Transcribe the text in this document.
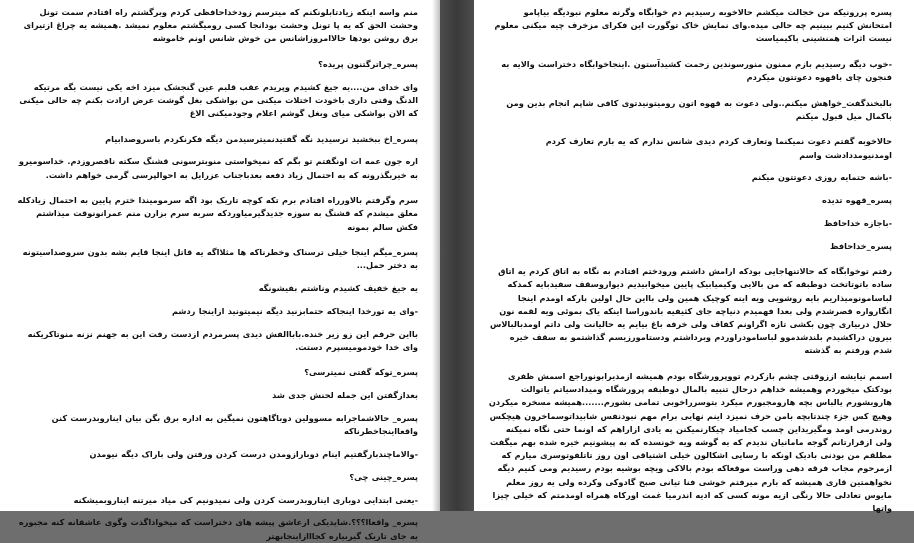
منم واسه اینکه زیادتابلونکنم که میترسم زودخداحافظی کردم وبرگشتم راه افتادم سمت تونل وحشت الحق که یه پا تونل وحشت بودانجا کسی رومیگشتم معلوم نمیشد .همیشه یه چراغ ازتیرای برق روشن بودها حالاامروزاشانس من خوش شانس اونم خاموشه

پسره_چراترگتنون پریده؟

وای خدای من....یه جیغ کشیدم وپریدم عقب قلبم عین گنجشک میزد اخه یکی نیست بگه مرتیکه الدنگ وقتی داری باخودت اختلات میکنی من بواشکی بغل گوشت عرض ارادت بکنم چه حالی میکنی که الان بواشکی میای وبغل گوشم اعلام وجودمیکنی الاغ

پسره_اخ ببخشید ترسیدید نگه گفتیدنمیترسیدمن دیگه فکرنکردم باسروصدابیام

اره جون عمه ات اونگفتم تو بگم که نمیخواستی منوبترسونی قشنگ سکته ناقصروزدم. خداسومیرو به خیربگذرونه که به احتمال زیاد دفعه بعدباجناب عزرایل به احوالپرسی گرمی خواهم داشت.

سرم وگرفتم بالاورراه افتادم برم تکه کوچه تاریک بود اگه سرمومیندا خترم پایین به احتمال زیادکله معلق میشدم که قشنگ به سوزه جدیدگیرمیاوردکه سربه سرم بزارن منم عمرانونوقت میذاشتم فکش سالم بمونه

پسره_میگم اینجا خیلی ترسناک وخطرناکه ها مثلااگه یه قاتل اینجا قایم بشه بدون سروصداسیتونه به دختر حمل...

یه جیغ خفیف کشیدم وناشتم بفیشونگه

-وای یه تورخدا اینجاکه حتمابزنید دیگه نیمیتونید ازاینجا ردشم

بااین حرفم این زو زیر خنده.باباالفش دیدی پسرمردم ازدست رفت این به جهنم نزنه منوتاکریکنه وای خدا خودمومیسپرم دستت.

پسره_توکه گفتی نمیترسی؟

بعدازگفتن این جمله لحنش جدی شد

پسره_ حالاشماجرابه مسوولین دوباگاهتون نمیگین به اداره برق بگن بیان ایناروبدرست کنن واقعااینجاخطرناکه

-والاماچندبارگفتیم اینام دوبارازومدن درست کردن ورفتن ولی باراک دیگه نیومدن

پسره_چینی چی؟

-یعنی ابتدایی دوباری ایناروبدرست کردن ولی نمیدونیم کی میاد میرتنه ایناروبمیشکنه

پسره_ واقعاا؟؟؟.شایدیکی ازعاشق پیشه های دختراست که میخواداگذت وگوی عاشقانه کنه مجبوره یه جای تاریک گیربیاره کجااازاینجابهتر

پسره پررونیکه من خجالت میکشم حالاخوبه رسیدیم دم خوابگاه وگرنه معلوم نبودیگه بیاپامو امتحانش کنیم ببینیم چه حالی میده.وای نمایش خاک توگورت این فکرای مزخرف چیه میکنی معلوم نیست اثرات همنشینی باکیمیاست

-خوب دیگه رسیدیم بازم ممنون منورسوندین زحمت کشیدآستون .اینجاخوابگاه دختراست والایه به فنجون چای باقهوه دعوتتون میکردم

بالبخندگفت_خواهش میکنم..ولی دعوت به قهوه اتون رومیتونیدتوی کافی شاپم انجام بدین ومن باکمال میل قبول میکنم

حالاخوبه گفتم دعوت نمیکنما وتعارف کردم دیدی شانس ندارم که یه بارم تعارف کردم اومدنیومددادشت واسم

-باشه حتمایه روزی دعوتتون میکنم

پسره_قهوه تدیده

-باجازه خداحافظ

پسره_خداحافظ

رفتم توخوابگاه که حالاتنهاجایی بودکه ارامش داشتم ورودختم افتادم به نگاه به اتاق کردم یه اتاق ساده باتوتاتخت دوطبقه که من بالایی وکیمیابیک پایین میخوابیدیم دیواروسقف سفیدبایه کمدکه لباسامونومیذاریم بایه روشویی ویه اینه کوچیک همین ولی بااین حال اولین بارکه اومدم اینجا انگارواره قصرشدم ولی بعدا فهمیدم دنیاچه جای کثیفیه باندوراسا اینکه یاک بموئی ویه لقمه نون حلال دربیاری چون بکشی تازه اگراونم کفاف ولی خرفه باغ بیایم یه حالیانت ولی داتم اومدبالبالاس بیرون دراکشیدم بلندشدموو لباسامودراوردم وبرداشتم ودستامورزیسم گذاشتمو به سقف خیره شدم ورفتم به گذشته

اسمم نیایشه اززوقتی چشم بازکردم تووپرورشگاه بودم همیشه ازمدیرابونوراجع اسمش ظفری بودکتک میخوردم وهمیشه خداهم درحال تنبیه بالمال دوطبقه پرورشگاه ومیدادسیاتم یاتوالت هاروبشورم یالباس بچه هارومجبورم میکرد بتوسرراخوبی تمامی بشورم.......همیشه مسخره میکردن وهیچ کس جزء چندتابچه بامن حرف نمیزد اینم نهایی برام مهم نبودنفس شابیداتوسماخرون هیچکس روندرمی اومد ومگیریداین چسب کجامیاد چیکارنمیکنن به یادی ازاراهم که اونما حتی نگاه نمیکنه ولی ازقرارتانم گوجه مامانیان ندیدم که یه گوشه ویه خونسده که به پیشونیم خیره شده بهم میگفت مطلقم من بودنی بادیک اونکه با رسایی اشکالون خیلی اشتیاقی اون روز تاتلفوتوسری میارم که ازمرحوم مجاب فرقه دهی وراست موقعاکه بودم بالاکی ویچه بوشیه بودم رسیدیم ومی کنیم دیگه نخواهمتین قاری همیشه که بارم میرفتم خوشی فنا تیانی صبح گادوکی وکرده ولی یه روز معلم مایوس تعادلی حالا رنگی ازیه مونه کسی که ادیه اندرمیا غمت اورکاه همراه اومدمتم که خیلی چیزا واتها
